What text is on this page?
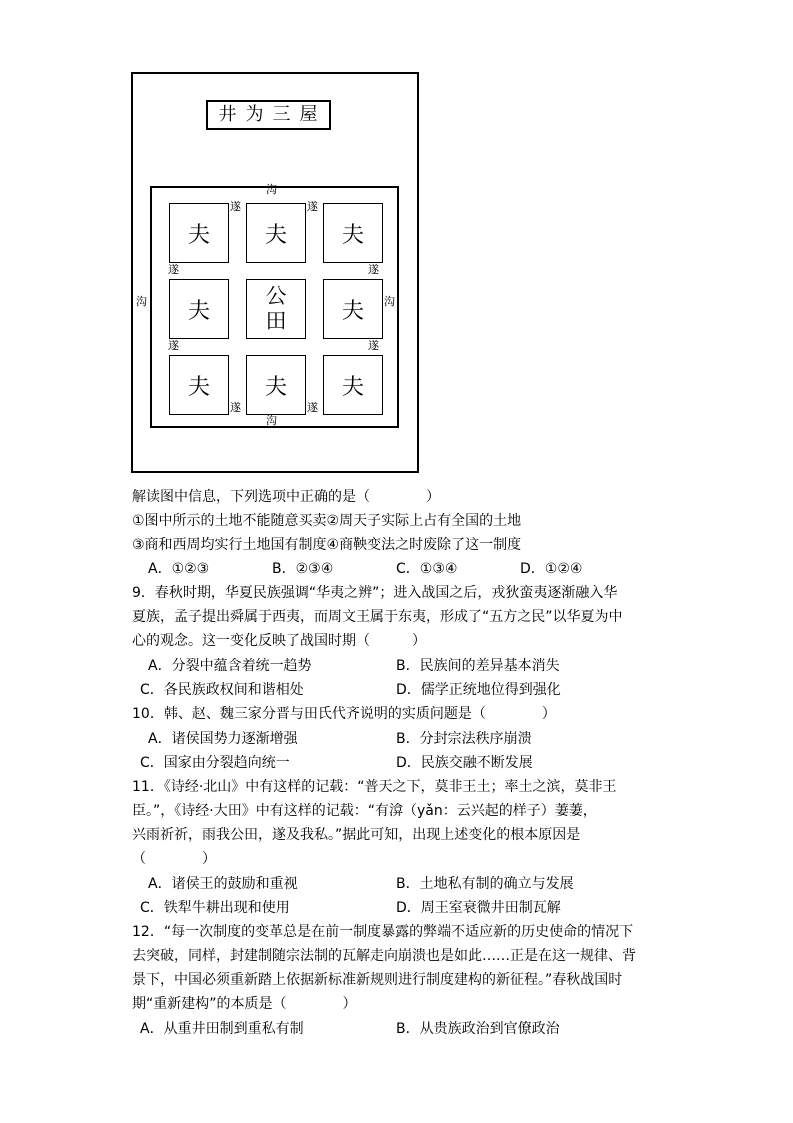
井为三屋
夫	夫	夫
夫
公田	夫
夫	夫	夫
沟
沟
沟	沟
遂	遂
遂	遂
遂	遂
遂	遂
解读图中信息，下列选项中正确的是（　　　　）
①图中所示的土地不能随意买卖②周天子实际上占有全国的土地
③商和西周均实行土地国有制度④商鞅变法之时废除了这一制度
A．①②③	B．②③④	C．①③④	D．①②④
9．春秋时期，华夏民族强调“华夷之辨”；进入战国之后，戎狄蛮夷逐渐融入华
夏族，孟子提出舜属于西夷，而周文王属于东夷，形成了“五方之民”以华夏为中
心的观念。这一变化反映了战国时期（　　　）
A．分裂中蕴含着统一趋势	B．民族间的差异基本消失
C．各民族政权间和谐相处	D．儒学正统地位得到强化
10．韩、赵、魏三家分晋与田氏代齐说明的实质问题是（　　　　）
A．诸侯国势力逐渐增强	B．分封宗法秩序崩溃
C．国家由分裂趋向统一	D．民族交融不断发展
11．《诗经·北山》中有这样的记载：“普天之下，莫非王土；率土之滨，莫非王
臣。”，《诗经·大田》中有这样的记载：“有渰（yǎn：云兴起的样子）萋萋，
兴雨祈祈，雨我公田，遂及我私。”据此可知，出现上述变化的根本原因是
（　　　　）
A．诸侯王的鼓励和重视	B．土地私有制的确立与发展
C．铁犁牛耕出现和使用	D．周王室衰微井田制瓦解
12．“每一次制度的变革总是在前一制度暴露的弊端不适应新的历史使命的情况下
去突破，同样，封建制随宗法制的瓦解走向崩溃也是如此……正是在这一规律、背
景下，中国必须重新踏上依据新标准新规则进行制度建构的新征程。”春秋战国时
期“重新建构”的本质是（　　　　）
A．从重井田制到重私有制	B．从贵族政治到官僚政治
